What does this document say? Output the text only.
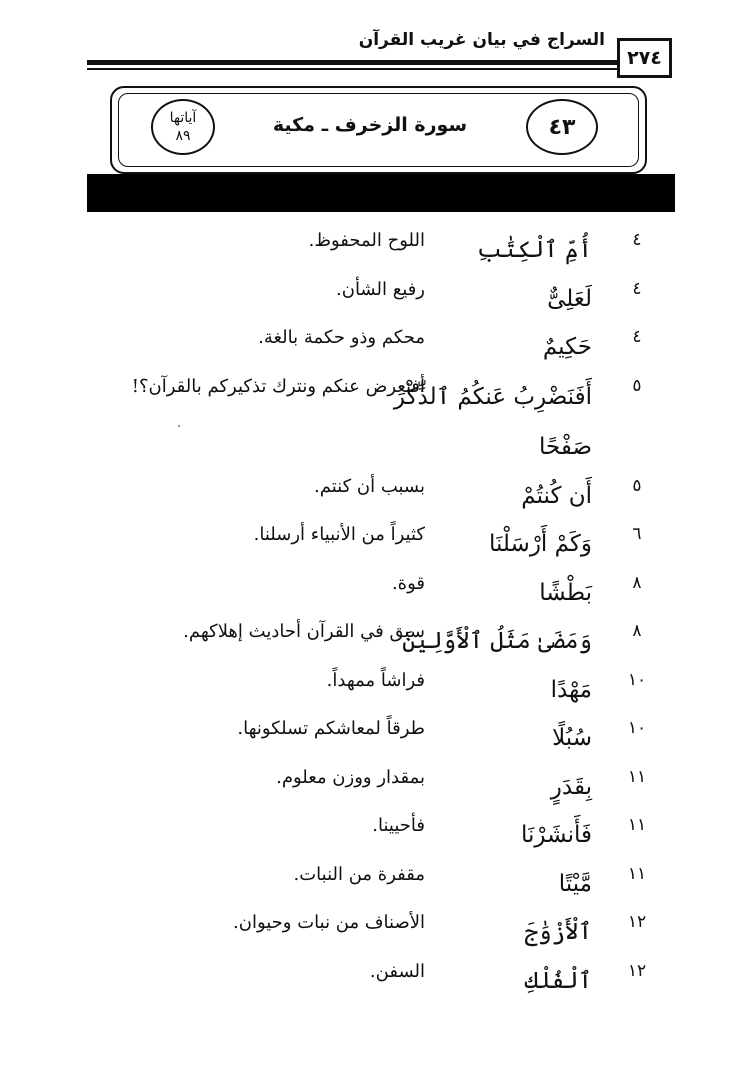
السراج في بيان غريب القرآن
٢٧٤
٤٣
سورة الزخرف ـ مكية
آياتها
٨٩
٤
أُمِّ ٱلْكِتَٰبِ
اللوح المحفوظ.
٤
لَعَلِىٌّ
رفيع الشأن.
٤
حَكِيمٌ
محكم وذو حكمة بالغة.
٥
أَفَنَضْرِبُ عَنكُمُ ٱلذِّكْرَ صَفْحًا
أفنعرض عنكم ونترك تذكيركم بالقرآن؟!
٥
أَن كُنتُمْ
بسبب أن كنتم.
٦
وَكَمْ أَرْسَلْنَا
كثيراً من الأنبياء أرسلنا.
٨
بَطْشًا
قوة.
٨
وَمَضَىٰ مَثَلُ ٱلْأَوَّلِينَ
سبق في القرآن أحاديث إهلاكهم.
١٠
مَهْدًا
فراشاً ممهداً.
١٠
سُبُلًا
طرقاً لمعاشكم تسلكونها.
١١
بِقَدَرٍ
بمقدار ووزن معلوم.
١١
فَأَنشَرْنَا
فأحيينا.
١١
مَّيْتًا
مقفرة من النبات.
١٢
ٱلْأَزْوَٰجَ
الأصناف من نبات وحيوان.
١٢
ٱلْفُلْكِ
السفن.
